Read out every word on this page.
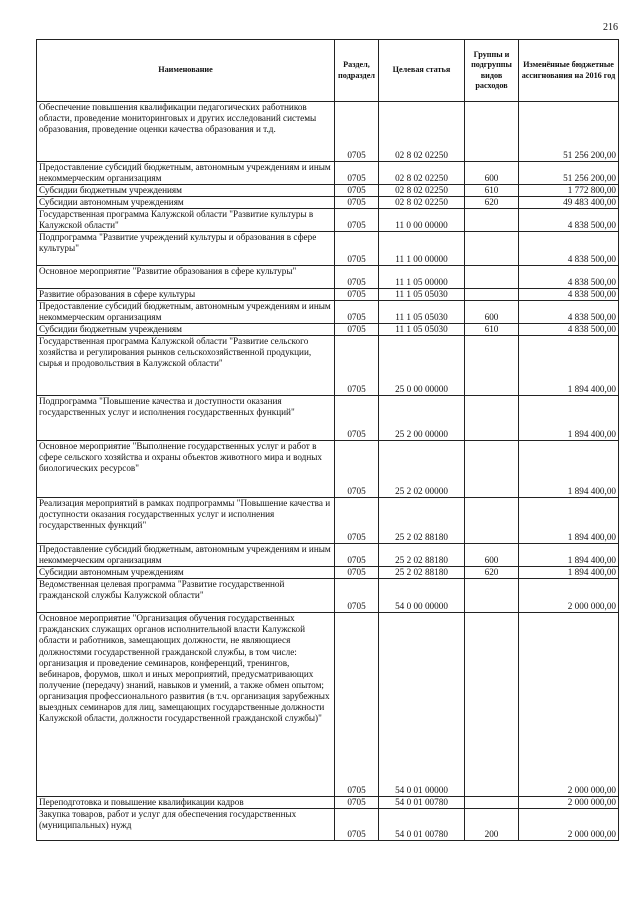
216
Наименование	Раздел, подраздел	Целевая статья	Группы и подгруппы видов расходов	Изменённые бюджетные ассигнования на 2016 год
Обеспечение повышения квалификации педагогических работников области, проведение мониторинговых и других исследований системы образования, проведение оценки качества образования и т.д.	0705	02 8 02 02250		51 256 200,00
Предоставление субсидий бюджетным, автономным учреждениям и иным некоммерческим организациям	0705	02 8 02 02250	600	51 256 200,00
Субсидии бюджетным учреждениям	0705	02 8 02 02250	610	1 772 800,00
Субсидии автономным учреждениям	0705	02 8 02 02250	620	49 483 400,00
Государственная программа Калужской области "Развитие культуры в Калужской области"	0705	11 0 00 00000		4 838 500,00
Подпрограмма "Развитие учреждений культуры и образования в сфере культуры"	0705	11 1 00 00000		4 838 500,00
Основное мероприятие "Развитие образования в сфере культуры"	0705	11 1 05 00000		4 838 500,00
Развитие образования в сфере культуры	0705	11 1 05 05030		4 838 500,00
Предоставление субсидий бюджетным, автономным учреждениям и иным некоммерческим организациям	0705	11 1 05 05030	600	4 838 500,00
Субсидии бюджетным учреждениям	0705	11 1 05 05030	610	4 838 500,00
Государственная программа Калужской области "Развитие сельского хозяйства и регулирования рынков сельскохозяйственной продукции, сырья и продовольствия в Калужской области"	0705	25 0 00 00000		1 894 400,00
Подпрограмма "Повышение качества и доступности оказания государственных услуг и исполнения государственных функций"	0705	25 2 00 00000		1 894 400,00
Основное мероприятие "Выполнение государственных услуг и работ в сфере сельского хозяйства и охраны объектов животного мира и водных биологических ресурсов"	0705	25 2 02 00000		1 894 400,00
Реализация мероприятий в рамках подпрограммы "Повышение качества и доступности оказания государственных услуг и исполнения государственных функций"	0705	25 2 02 88180		1 894 400,00
Предоставление субсидий бюджетным, автономным учреждениям и иным некоммерческим организациям	0705	25 2 02 88180	600	1 894 400,00
Субсидии автономным учреждениям	0705	25 2 02 88180	620	1 894 400,00
Ведомственная целевая программа "Развитие государственной гражданской службы Калужской области"	0705	54 0 00 00000		2 000 000,00
Основное мероприятие "Организация обучения государственных гражданских служащих органов исполнительной власти Калужской области и работников, замещающих должности, не являющиеся должностями государственной гражданской службы, в том числе: организация и проведение семинаров, конференций, тренингов, вебинаров, форумов, школ и иных мероприятий, предусматривающих получение (передачу) знаний, навыков и умений, а также обмен опытом; организация профессионального развития (в т.ч. организация зарубежных выездных семинаров для лиц, замещающих государственные должности Калужской области, должности государственной гражданской службы)"	0705	54 0 01 00000		2 000 000,00
Переподготовка и повышение квалификации кадров	0705	54 0 01 00780		2 000 000,00
Закупка товаров, работ и услуг для обеспечения государственных (муниципальных) нужд	0705	54 0 01 00780	200	2 000 000,00
